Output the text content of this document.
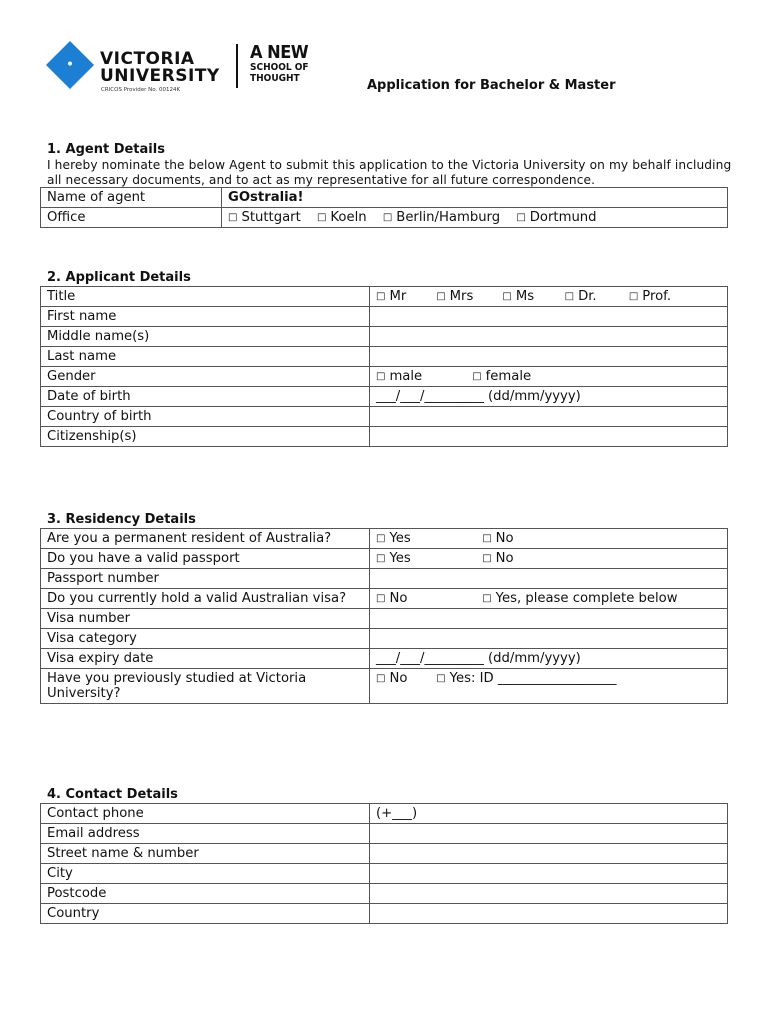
VICTORIA
UNIVERSITY
CRICOS Provider No. 00124K
A NEW
SCHOOL OF
THOUGHT	Application for Bachelor & Master
1. Agent Details
I hereby nominate the below Agent to submit this application to the Victoria University on my behalf including all necessary documents, and to act as my representative for all future correspondence.
Name of agent	GOstralia!
Office	□ Stuttgart □ Koeln □ Berlin/Hamburg □ Dortmund
2. Applicant Details
Title	□ Mr □ Mrs □ Ms □ Dr. □ Prof.
First name	
Middle name(s)	
Last name	
Gender	□ male □ female
Date of birth	___/___/_________ (dd/mm/yyyy)
Country of birth	
Citizenship(s)	
3. Residency Details
Are you a permanent resident of Australia?	□ Yes □ No
Do you have a valid passport	□ Yes □ No
Passport number	
Do you currently hold a valid Australian visa?	□ No □ Yes, please complete below
Visa number	
Visa category	
Visa expiry date	___/___/_________ (dd/mm/yyyy)
Have you previously studied at Victoria University?	□ No □ Yes: ID __________________
4. Contact Details
Contact phone	(+___)
Email address	
Street name & number	
City	
Postcode	
Country	
